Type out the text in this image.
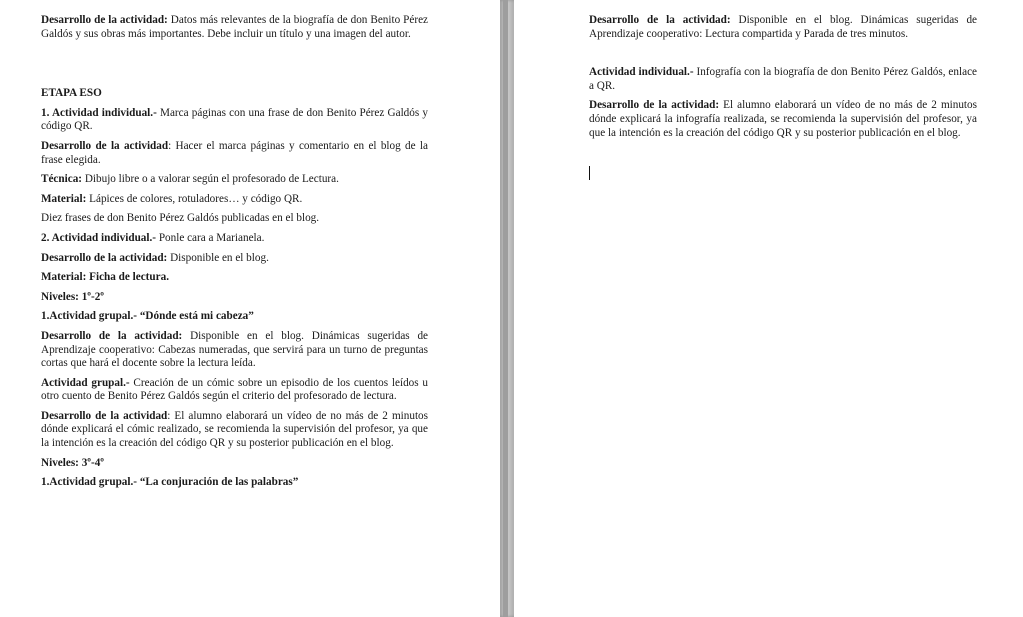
Desarrollo de la actividad: Datos más relevantes de la biografía de don Benito Pérez Galdós y sus obras más importantes. Debe incluir un título y una imagen del autor.

ETAPA ESO

1. Actividad individual.- Marca páginas con una frase de don Benito Pérez Galdós y código QR.

Desarrollo de la actividad: Hacer el marca páginas y comentario en el blog de la frase elegida.

Técnica: Dibujo libre o a valorar según el profesorado de Lectura.

Material: Lápices de colores, rotuladores… y código QR.

Diez frases de don Benito Pérez Galdós publicadas en el blog.

2. Actividad individual.- Ponle cara a Marianela.

Desarrollo de la actividad: Disponible en el blog.

Material: Ficha de lectura.

Niveles: 1º-2º

1.Actividad grupal.- “Dónde está mi cabeza”

Desarrollo de la actividad: Disponible en el blog. Dinámicas sugeridas de Aprendizaje cooperativo: Cabezas numeradas, que servirá para un turno de preguntas cortas que hará el docente sobre la lectura leída.

Actividad grupal.- Creación de un cómic sobre un episodio de los cuentos leídos u otro cuento de Benito Pérez Galdós según el criterio del profesorado de lectura.

Desarrollo de la actividad: El alumno elaborará un vídeo de no más de 2 minutos dónde explicará el cómic realizado, se recomienda la supervisión del profesor, ya que la intención es la creación del código QR y su posterior publicación en el blog.

Niveles: 3º-4º

1.Actividad grupal.- “La conjuración de las palabras”

Desarrollo de la actividad: Disponible en el blog. Dinámicas sugeridas de Aprendizaje cooperativo: Lectura compartida y Parada de tres minutos.

Actividad individual.- Infografía con la biografía de don Benito Pérez Galdós, enlace a QR.

Desarrollo de la actividad: El alumno elaborará un vídeo de no más de 2 minutos dónde explicará la infografía realizada, se recomienda la supervisión del profesor, ya que la intención es la creación del código QR y su posterior publicación en el blog.
